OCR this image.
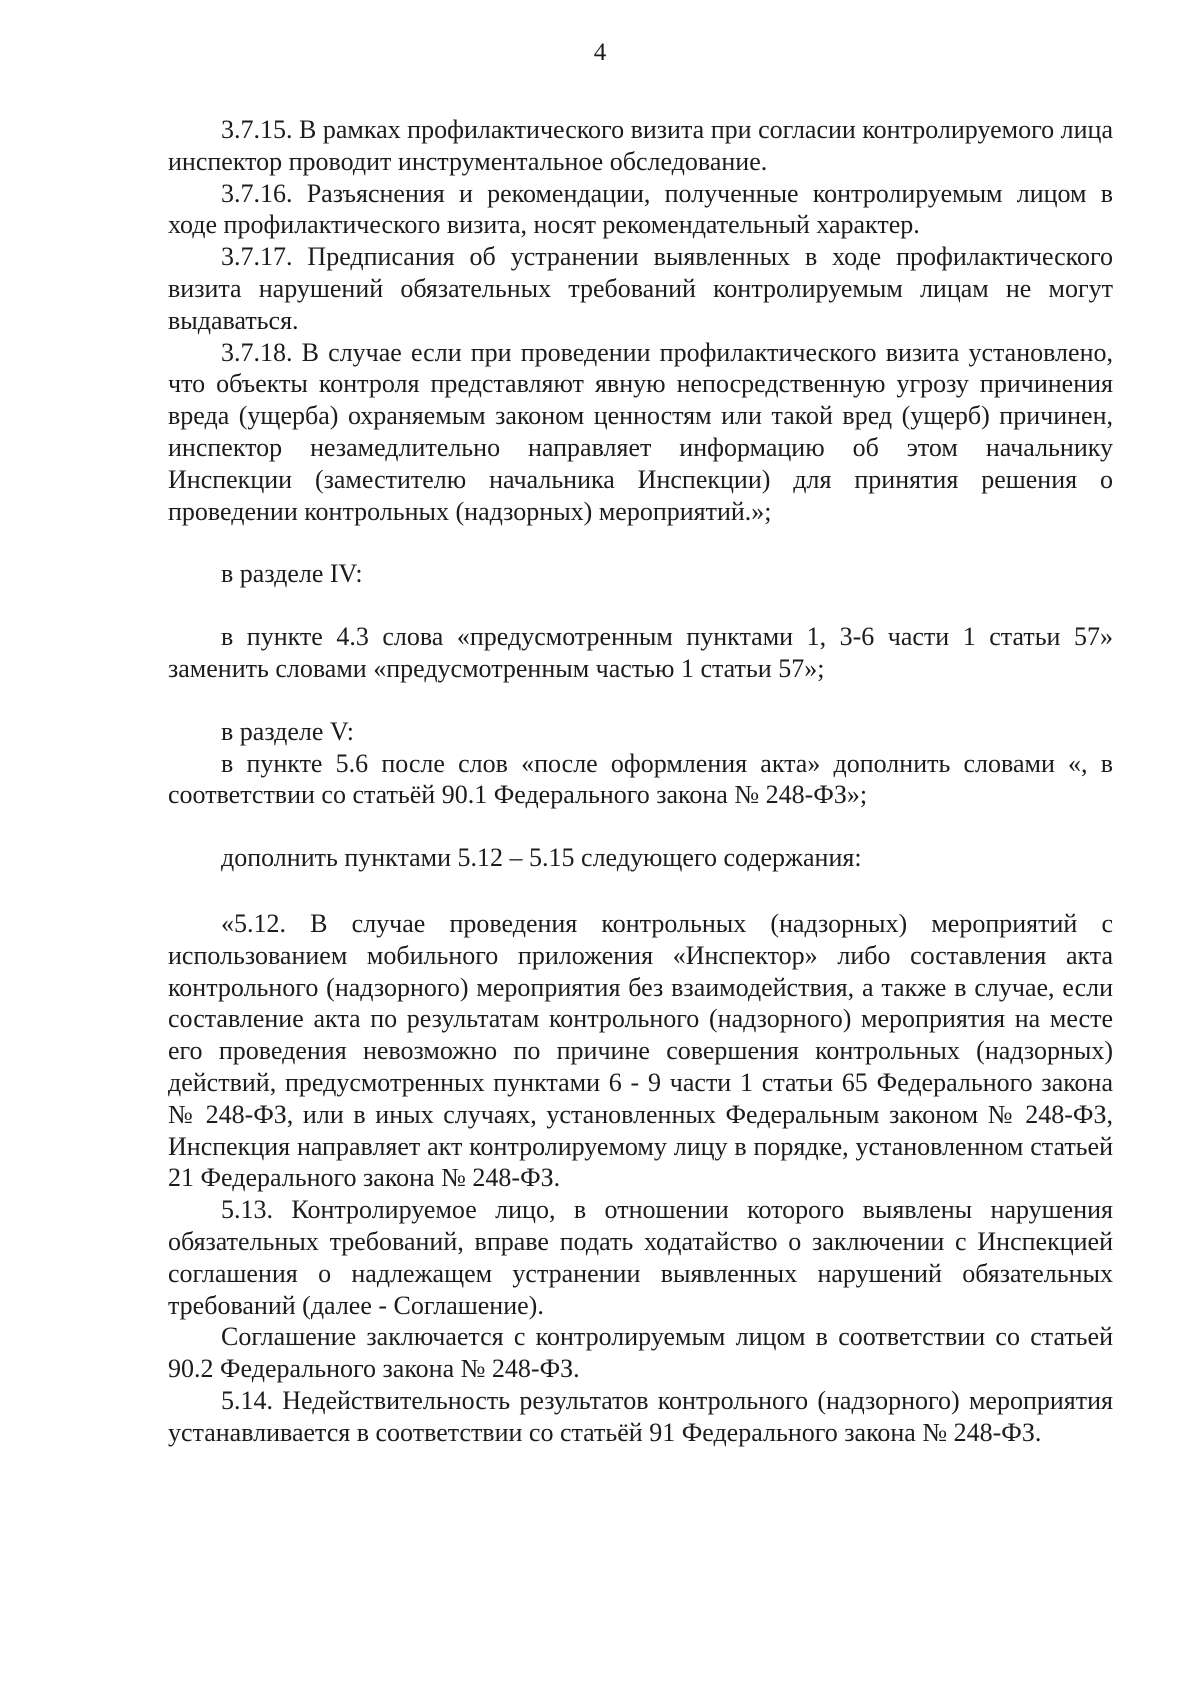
4

3.7.15. В рамках профилактического визита при согласии контролируемого лица инспектор проводит инструментальное обследование.

3.7.16. Разъяснения и рекомендации, полученные контролируемым лицом в ходе профилактического визита, носят рекомендательный характер.

3.7.17. Предписания об устранении выявленных в ходе профилактического визита нарушений обязательных требований контролируемым лицам не могут выдаваться.

3.7.18. В случае если при проведении профилактического визита установлено, что объекты контроля представляют явную непосредственную угрозу причинения вреда (ущерба) охраняемым законом ценностям или такой вред (ущерб) причинен, инспектор незамедлительно направляет информацию об этом начальнику Инспекции (заместителю начальника Инспекции) для принятия решения о проведении контрольных (надзорных) мероприятий.»;

в разделе IV:

в пункте 4.3 слова «предусмотренным пунктами 1, 3-6 части 1 статьи 57» заменить словами «предусмотренным частью 1 статьи 57»;

в разделе V:

в пункте 5.6 после слов «после оформления акта» дополнить словами «, в соответствии со статьёй 90.1 Федерального закона № 248-ФЗ»;

дополнить пунктами 5.12 – 5.15 следующего содержания:

«5.12. В случае проведения контрольных (надзорных) мероприятий с использованием мобильного приложения «Инспектор» либо составления акта контрольного (надзорного) мероприятия без взаимодействия, а также в случае, если составление акта по результатам контрольного (надзорного) мероприятия на месте его проведения невозможно по причине совершения контрольных (надзорных) действий, предусмотренных пунктами 6 - 9 части 1 статьи 65 Федерального закона № 248-ФЗ, или в иных случаях, установленных Федеральным законом № 248-ФЗ, Инспекция направляет акт контролируемому лицу в порядке, установленном статьей 21 Федерального закона № 248-ФЗ.

5.13. Контролируемое лицо, в отношении которого выявлены нарушения обязательных требований, вправе подать ходатайство о заключении с Инспекцией соглашения о надлежащем устранении выявленных нарушений обязательных требований (далее - Соглашение).

Соглашение заключается с контролируемым лицом в соответствии со статьей 90.2 Федерального закона № 248-ФЗ.

5.14. Недействительность результатов контрольного (надзорного) мероприятия устанавливается в соответствии со статьёй 91 Федерального закона № 248-ФЗ.
